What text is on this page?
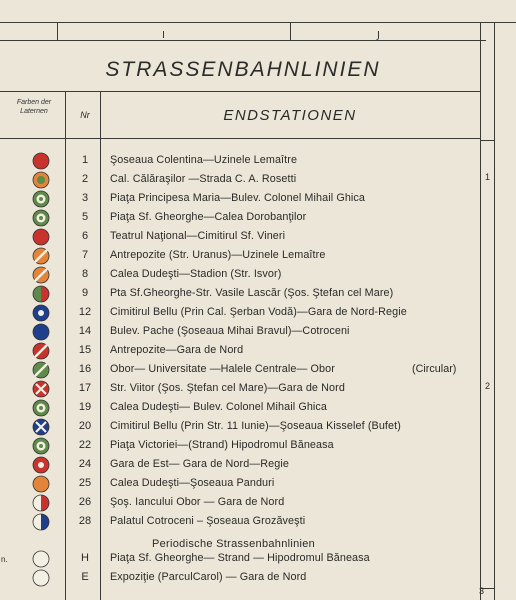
I	J
STRASSENBAHNLINIEN
Farben der Laternen	Nr	ENDSTATIONEN
1
2
3
n.
1	Şoseaua Colentina—Uzinele Lemaître
2	Cal. Călăraşilor —Strada C. A. Rosetti
3	Piaţa Principesa Maria—Bulev. Colonel Mihail Ghica
5	Piaţa Sf. Gheorghe—Calea Dorobanţilor
6	Teatrul Naţional—Cimitirul Sf. Vineri
7	Antrepozite (Str. Uranus)—Uzinele Lemaître
8	Calea Dudeşti—Stadion (Str. Isvor)
9	Pta Sf.Gheorghe-Str. Vasile Lascăr (Şos. Ştefan cel Mare)
12	Cimitirul Bellu (Prin Cal. Şerban Vodă)—Gara de Nord-Regie
14	Bulev. Pache (Şoseaua Mihai Bravul)—Cotroceni
15	Antrepozite—Gara de Nord
16	Obor— Universitate —Halele Centrale— Obor	(Circular)
17	Str. Viitor (Şos. Ştefan cel Mare)—Gara de Nord
19	Calea Dudeşti— Bulev. Colonel Mihail Ghica
20	Cimitirul Bellu (Prin Str. 11 Iunie)—Şoseaua Kisselef (Bufet)
22	Piaţa Victoriei—(Strand) Hipodromul Băneasa
24	Gara de Est— Gara de Nord—Regie
25	Calea Dudeşti—Şoseaua Panduri
26	Şoş. Iancului Obor — Gara de Nord
28	Palatul Cotroceni – Şoseaua Grozăveşti
H	Piaţa Sf. Gheorghe— Strand — Hipodromul Băneasa
E	Expoziţie (ParculCarol) — Gara de Nord
Periodische Strassenbahnlinien
